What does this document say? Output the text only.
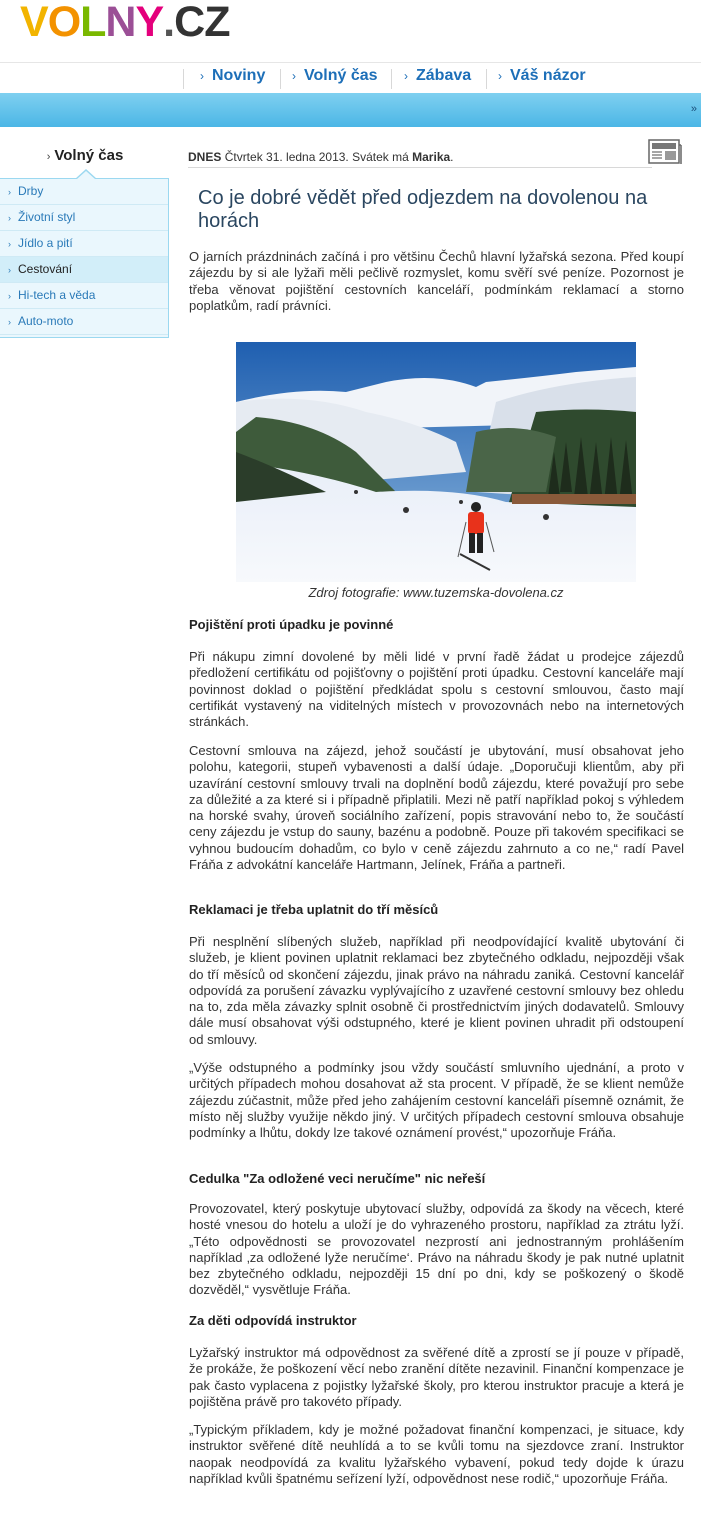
VOLNY.CZ
› Noviny › Volný čas › Zábava › Váš názor
»
› Volný čas
› Drby
› Životní styl
› Jídlo a pití
› Cestování
› Hi-tech a věda
› Auto-moto
DNES Čtvrtek 31. ledna 2013. Svátek má Marika.
Co je dobré vědět před odjezdem na dovolenou na horách

O jarních prázdninách začíná i pro většinu Čechů hlavní lyžařská sezona. Před koupí zájezdu by si ale lyžaři měli pečlivě rozmyslet, komu svěří své peníze. Pozornost je třeba věnovat pojištění cestovních kanceláří, podmínkám reklamací a storno poplatkům, radí právníci.

Zdroj fotografie: www.tuzemska-dovolena.cz
Pojištění proti úpadku je povinné

Při nákupu zimní dovolené by měli lidé v první řadě žádat u prodejce zájezdů předložení certifikátu od pojišťovny o pojištění proti úpadku. Cestovní kanceláře mají povinnost doklad o pojištění předkládat spolu s cestovní smlouvou, často mají certifikát vystavený na viditelných místech v provozovnách nebo na internetových stránkách.

Cestovní smlouva na zájezd, jehož součástí je ubytování, musí obsahovat jeho polohu, kategorii, stupeň vybavenosti a další údaje. „Doporučuji klientům, aby při uzavírání cestovní smlouvy trvali na doplnění bodů zájezdu, které považují pro sebe za důležité a za které si i případně připlatili. Mezi ně patří například pokoj s výhledem na horské svahy, úroveň sociálního zařízení, popis stravování nebo to, že součástí ceny zájezdu je vstup do sauny, bazénu a podobně. Pouze při takovém specifikaci se vyhnou budoucím dohadům, co bylo v ceně zájezdu zahrnuto a co ne,“ radí Pavel Fráňa z advokátní kanceláře Hartmann, Jelínek, Fráňa a partneři.

Reklamaci je třeba uplatnit do tří měsíců

Při nesplnění slíbených služeb, například při neodpovídající kvalitě ubytování či služeb, je klient povinen uplatnit reklamaci bez zbytečného odkladu, nejpozději však do tří měsíců od skončení zájezdu, jinak právo na náhradu zaniká. Cestovní kancelář odpovídá za porušení závazku vyplývajícího z uzavřené cestovní smlouvy bez ohledu na to, zda měla závazky splnit osobně či prostřednictvím jiných dodavatelů. Smlouvy dále musí obsahovat výši odstupného, které je klient povinen uhradit při odstoupení od smlouvy.

„Výše odstupného a podmínky jsou vždy součástí smluvního ujednání, a proto v určitých případech mohou dosahovat až sta procent. V případě, že se klient nemůže zájezdu zúčastnit, může před jeho zahájením cestovní kanceláři písemně oznámit, že místo něj služby využije někdo jiný. V určitých případech cestovní smlouva obsahuje podmínky a lhůtu, dokdy lze takové oznámení provést,“ upozorňuje Fráňa.

Cedulka "Za odložené veci neručíme" nic neřeší

Provozovatel, který poskytuje ubytovací služby, odpovídá za škody na věcech, které hosté vnesou do hotelu a uloží je do vyhrazeného prostoru, například za ztrátu lyží. „Této odpovědnosti se provozovatel nezprostí ani jednostranným prohlášením například ‚za odložené lyže neručíme‘. Právo na náhradu škody je pak nutné uplatnit bez zbytečného odkladu, nejpozději 15 dní po dni, kdy se poškozený o škodě dozvěděl,“ vysvětluje Fráňa.

Za děti odpovídá instruktor

Lyžařský instruktor má odpovědnost za svěřené dítě a zprostí se jí pouze v případě, že prokáže, že poškození věcí nebo zranění dítěte nezavinil. Finanční kompenzace je pak často vyplacena z pojistky lyžařské školy, pro kterou instruktor pracuje a která je pojištěna právě pro takovéto případy.

„Typickým příkladem, kdy je možné požadovat finanční kompenzaci, je situace, kdy instruktor svěřené dítě neuhlídá a to se kvůli tomu na sjezdovce zraní. Instruktor naopak neodpovídá za kvalitu lyžařského vybavení, pokud tedy dojde k úrazu například kvůli špatnému seřízení lyží, odpovědnost nese rodič,“ upozorňuje Fráňa.
